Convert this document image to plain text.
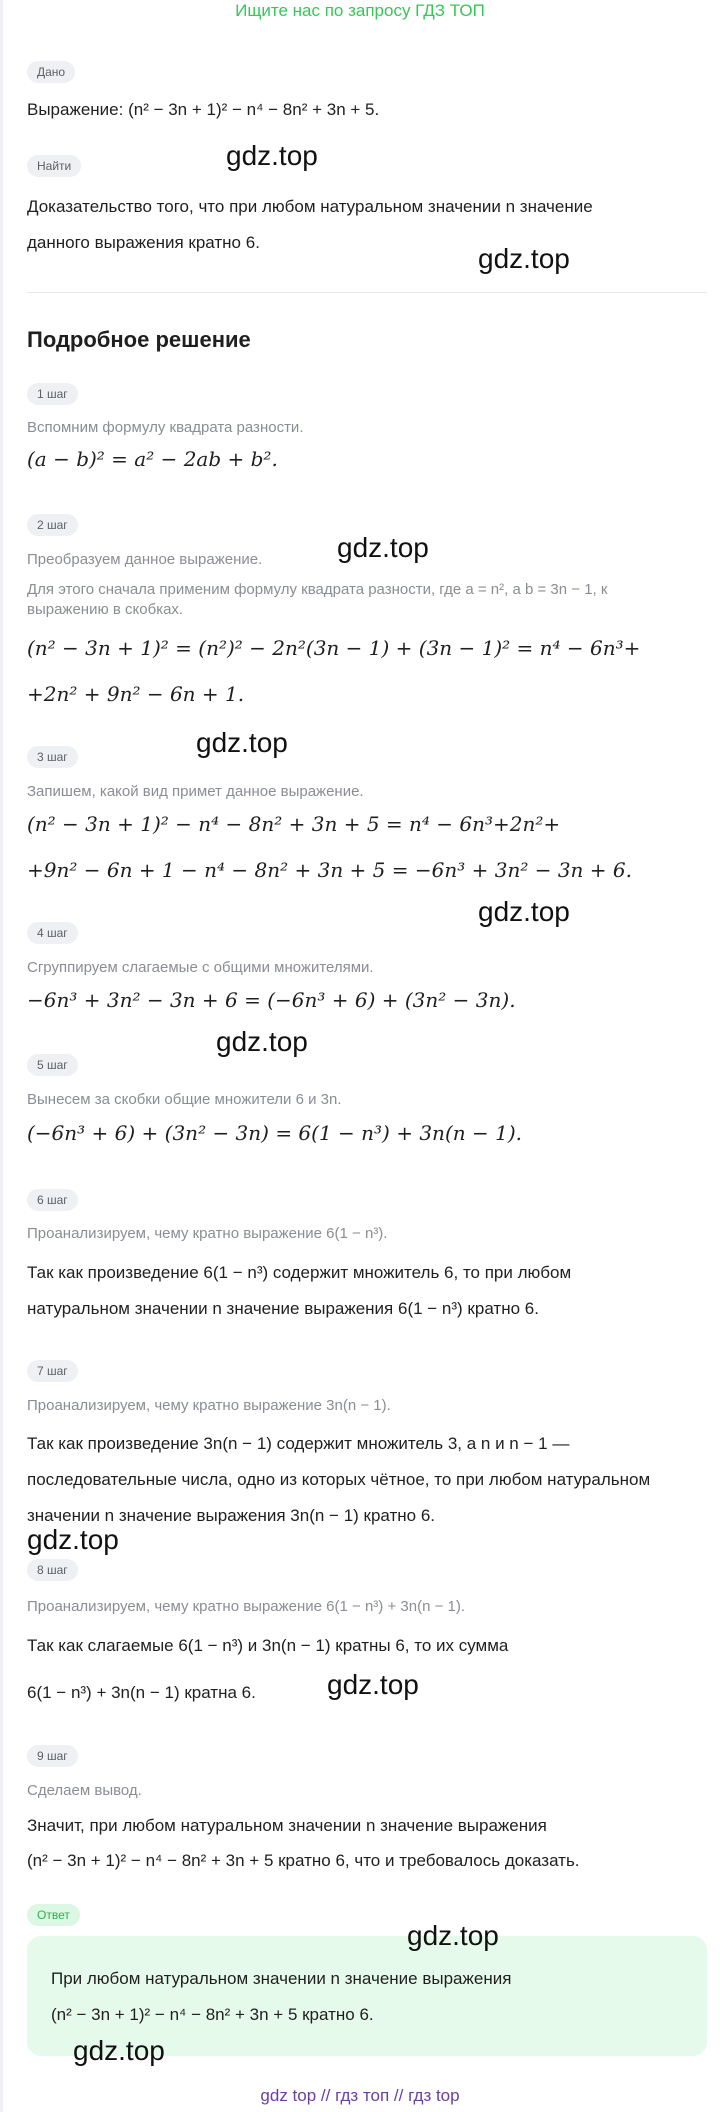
Ищите нас по запросу ГДЗ ТОП
Дано
Выражение: (n² − 3n + 1)² − n⁴ − 8n² + 3n + 5.
Найти
Доказательство того, что при любом натуральном значении n значение
данного выражения кратно 6.
Подробное решение
1 шаг
Вспомним формулу квадрата разности.
(a − b)² = a² − 2ab + b².
2 шаг
Преобразуем данное выражение.
Для этого сначала применим формулу квадрата разности, где a = n², а b = 3n − 1, к
выражению в скобках.
(n² − 3n + 1)² = (n²)² − 2n²(3n − 1) + (3n − 1)² = n⁴ − 6n³+
+2n² + 9n² − 6n + 1.
3 шаг
Запишем, какой вид примет данное выражение.
(n² − 3n + 1)² − n⁴ − 8n² + 3n + 5 = n⁴ − 6n³+2n²+
+9n² − 6n + 1 − n⁴ − 8n² + 3n + 5 = −6n³ + 3n² − 3n + 6.
4 шаг
Сгруппируем слагаемые с общими множителями.
−6n³ + 3n² − 3n + 6 = (−6n³ + 6) + (3n² − 3n).
5 шаг
Вынесем за скобки общие множители 6 и 3n.
(−6n³ + 6) + (3n² − 3n) = 6(1 − n³) + 3n(n − 1).
6 шаг
Проанализируем, чему кратно выражение 6(1 − n³).
Так как произведение 6(1 − n³) содержит множитель 6, то при любом
натуральном значении n значение выражения 6(1 − n³) кратно 6.
7 шаг
Проанализируем, чему кратно выражение 3n(n − 1).
Так как произведение 3n(n − 1) содержит множитель 3, а n и n − 1 —
последовательные числа, одно из которых чётное, то при любом натуральном
значении n значение выражения 3n(n − 1) кратно 6.
8 шаг
Проанализируем, чему кратно выражение 6(1 − n³) + 3n(n − 1).
Так как слагаемые 6(1 − n³) и 3n(n − 1) кратны 6, то их сумма
6(1 − n³) + 3n(n − 1) кратна 6.
9 шаг
Сделаем вывод.
Значит, при любом натуральном значении n значение выражения
(n² − 3n + 1)² − n⁴ − 8n² + 3n + 5 кратно 6, что и требовалось доказать.
Ответ
При любом натуральном значении n значение выражения
(n² − 3n + 1)² − n⁴ − 8n² + 3n + 5 кратно 6.
gdz.top
gdz.top
gdz.top
gdz.top
gdz.top
gdz.top
gdz.top
gdz.top
gdz.top
gdz.top
gdz top // гдз топ // гдз top
